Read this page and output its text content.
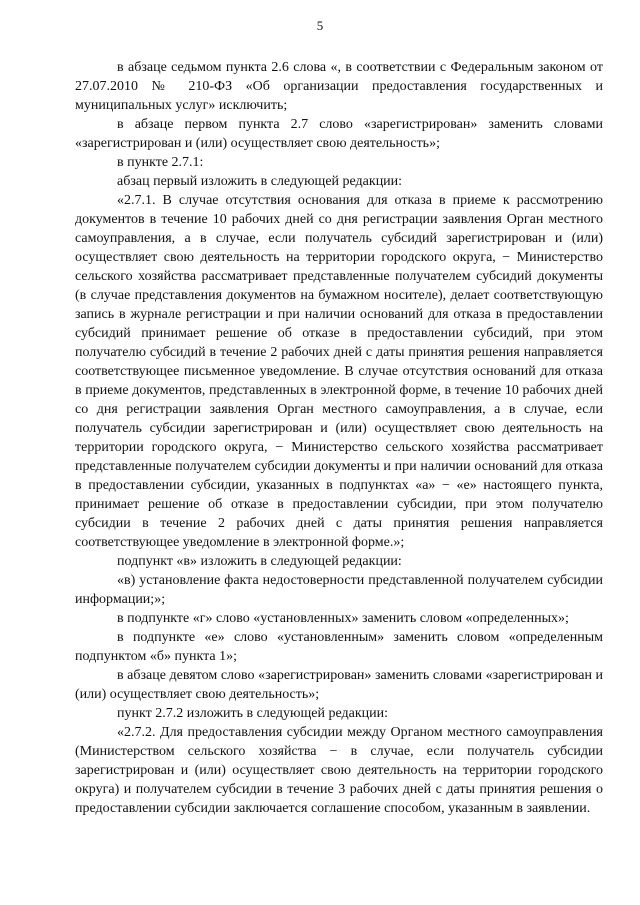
5

в абзаце седьмом пункта 2.6 слова «, в соответствии с Федеральным законом от 27.07.2010 № 210-ФЗ «Об организации предоставления государственных и муниципальных услуг» исключить;

в абзаце первом пункта 2.7 слово «зарегистрирован» заменить словами «зарегистрирован и (или) осуществляет свою деятельность»;

в пункте 2.7.1:

абзац первый изложить в следующей редакции:

«2.7.1. В случае отсутствия основания для отказа в приеме к рассмотрению документов в течение 10 рабочих дней со дня регистрации заявления Орган местного самоуправления, а в случае, если получатель субсидий зарегистрирован и (или) осуществляет свою деятельность на территории городского округа, − Министерство сельского хозяйства рассматривает представленные получателем субсидий документы (в случае представления документов на бумажном носителе), делает соответствующую запись в журнале регистрации и при наличии оснований для отказа в предоставлении субсидий принимает решение об отказе в предоставлении субсидий, при этом получателю субсидий в течение 2 рабочих дней с даты принятия решения направляется соответствующее письменное уведомление. В случае отсутствия оснований для отказа в приеме документов, представленных в электронной форме, в течение 10 рабочих дней со дня регистрации заявления Орган местного самоуправления, а в случае, если получатель субсидии зарегистрирован и (или) осуществляет свою деятельность на территории городского округа, − Министерство сельского хозяйства рассматривает представленные получателем субсидии документы и при наличии оснований для отказа в предоставлении субсидии, указанных в подпунктах «а» − «е» настоящего пункта, принимает решение об отказе в предоставлении субсидии, при этом получателю субсидии в течение 2 рабочих дней с даты принятия решения направляется соответствующее уведомление в электронной форме.»;

подпункт «в» изложить в следующей редакции:

«в) установление факта недостоверности представленной получателем субсидии информации;»;

в подпункте «г» слово «установленных» заменить словом «определенных»;

в подпункте «е» слово «установленным» заменить словом «определенным подпунктом «б» пункта 1»;

в абзаце девятом слово «зарегистрирован» заменить словами «зарегистрирован и (или) осуществляет свою деятельность»;

пункт 2.7.2 изложить в следующей редакции:

«2.7.2. Для предоставления субсидии между Органом местного самоуправления (Министерством сельского хозяйства − в случае, если получатель субсидии зарегистрирован и (или) осуществляет свою деятельность на территории городского округа) и получателем субсидии в течение 3 рабочих дней с даты принятия решения о предоставлении субсидии заключается соглашение способом, указанным в заявлении.
